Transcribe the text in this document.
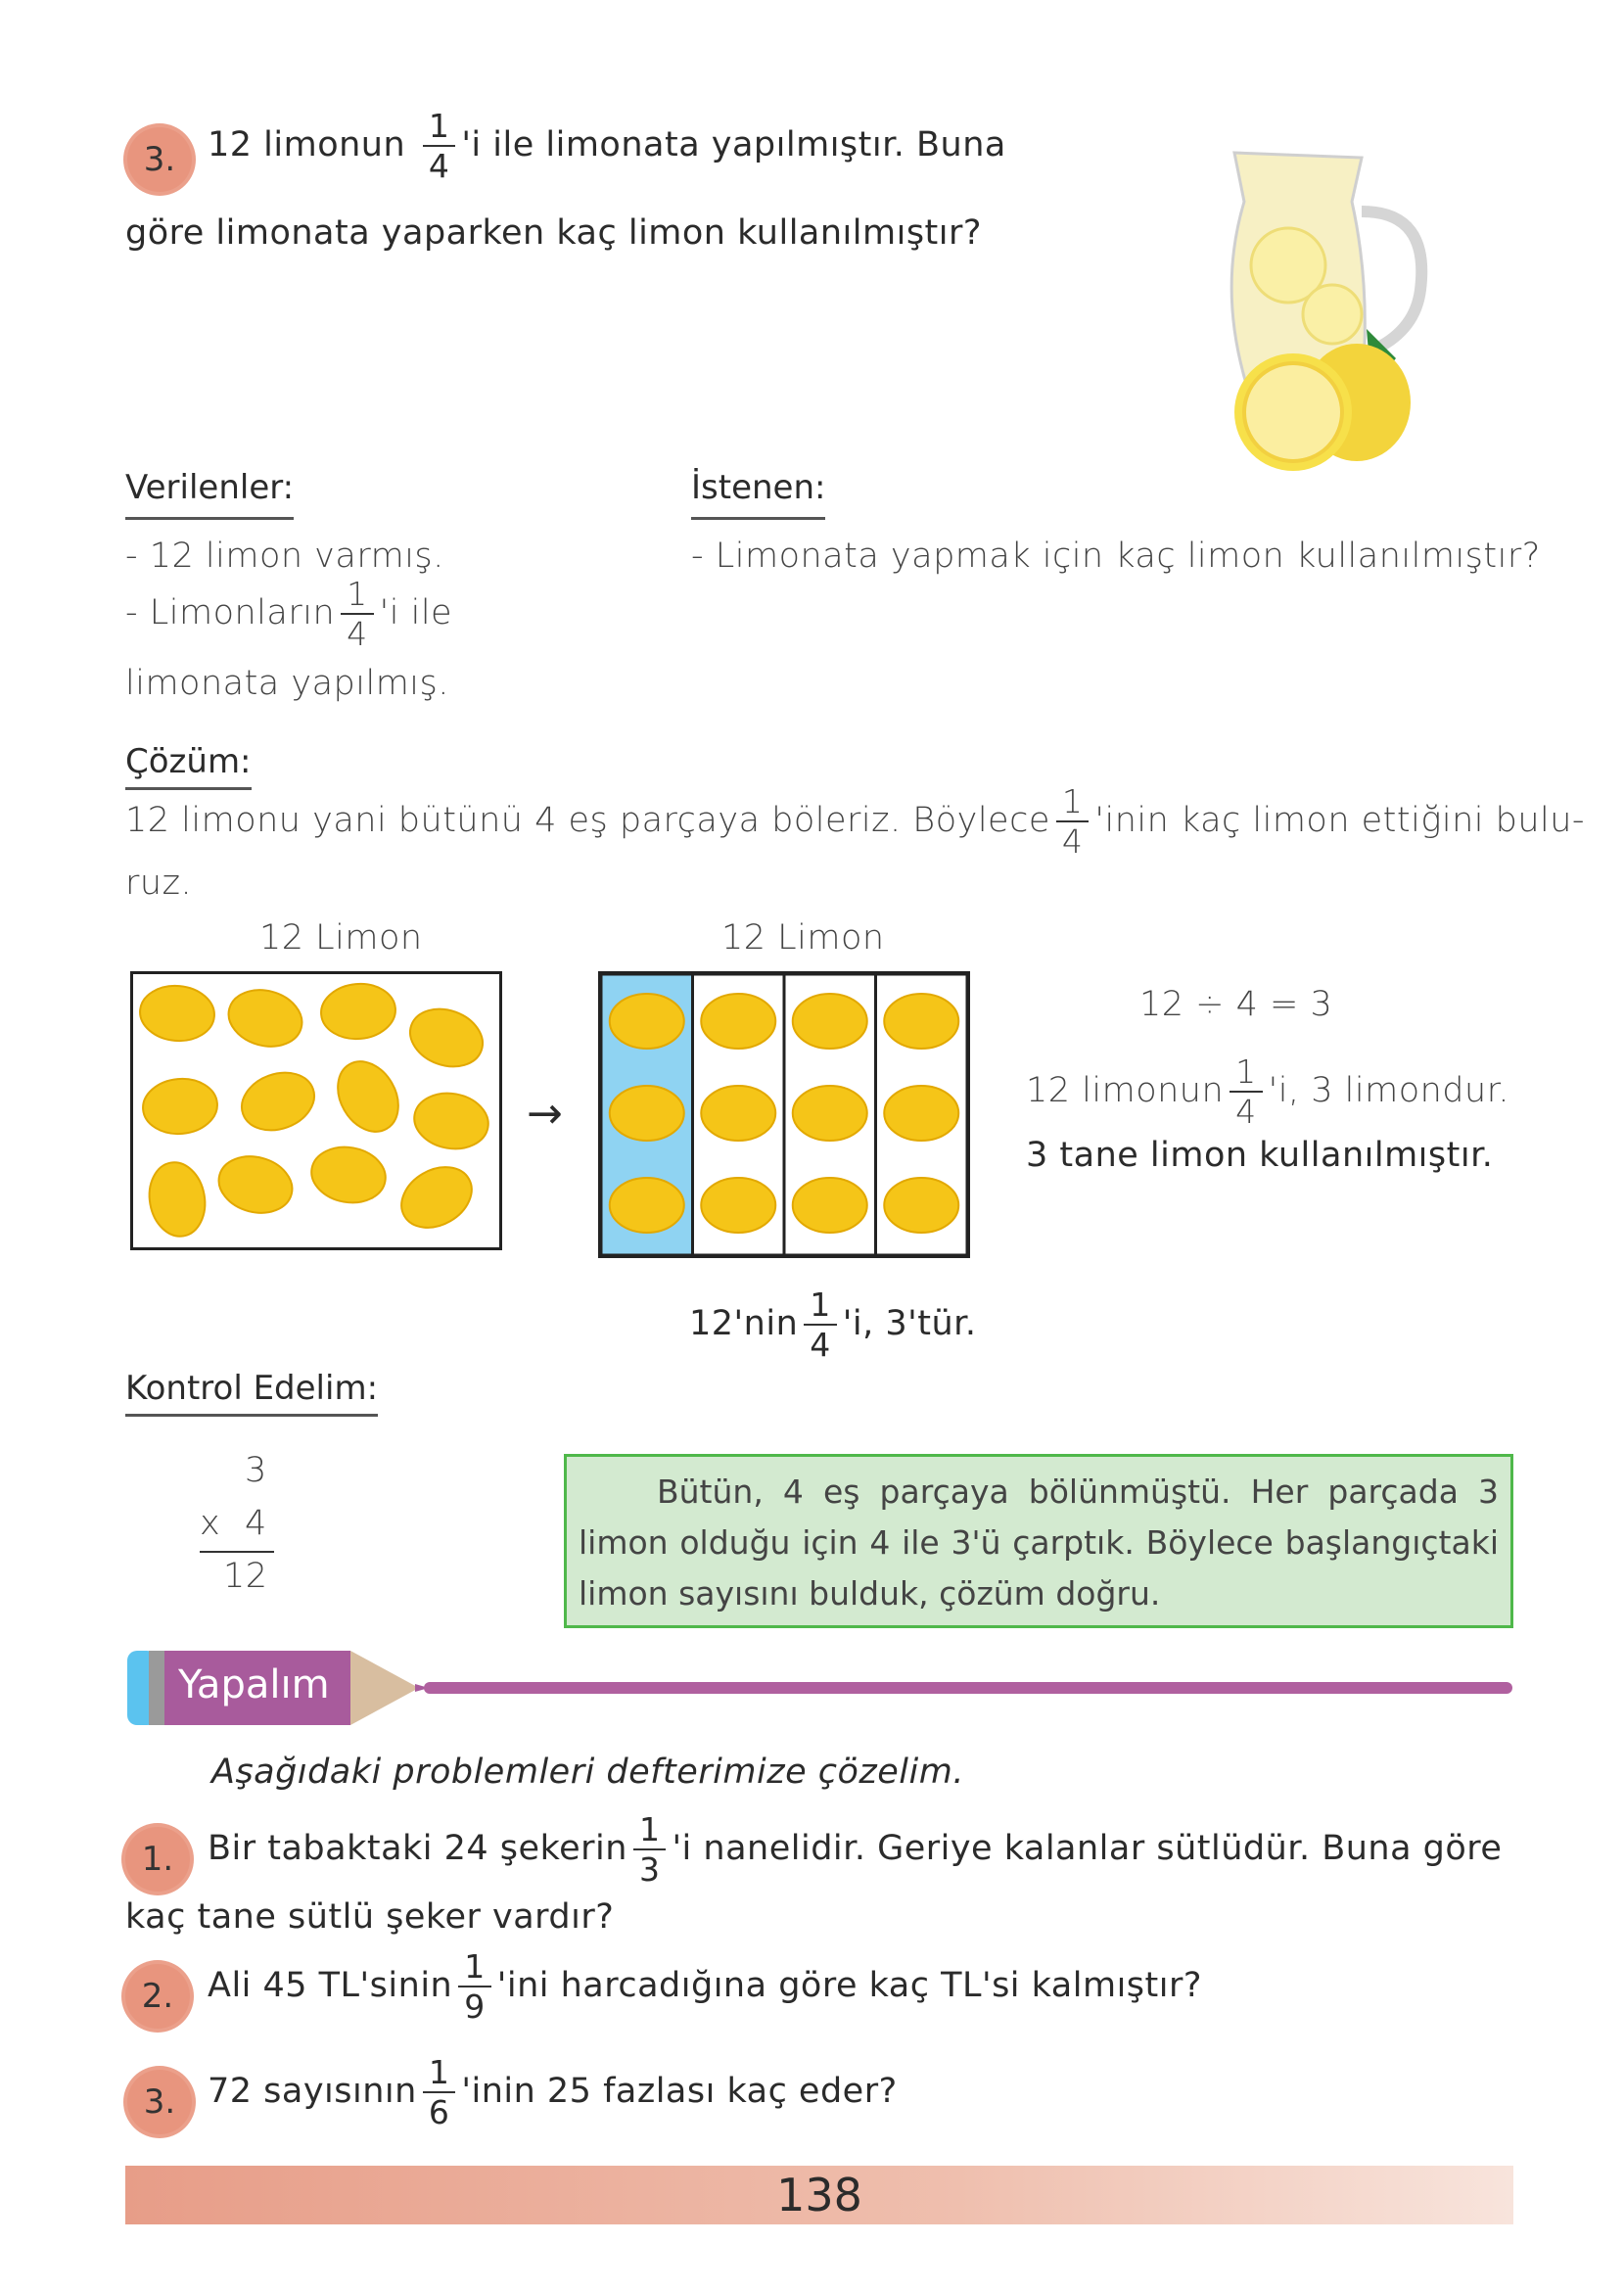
3. 12 limonun $\frac{1}{4}$ 'i ile limonata yapılmıştır. Buna
göre limonata yaparken kaç limon kullanılmıştır?
Verilenler:
- 12 limon varmış.
- Limonların $\frac{1}{4}$ 'i ile
limonata yapılmış.
İstenen:
- Limonata yapmak için kaç limon kullanılmıştır?
Çözüm:
12 limonu yani bütünü 4 eş parçaya böleriz. Böylece $\frac{1}{4}$ 'inin kaç limon ettiğini bulu-
ruz.
12 Limon	12 Limon
→
12 ÷ 4 = 3
12 limonun $\frac{1}{4}$ 'i, 3 limondur.
3 tane limon kullanılmıştır.
$12'nin \frac{1}{4}$ 'i, 3'tür.
Kontrol Edelim:
3
x 4
12
Bütün, 4 eş parçaya bölünmüştü. Her parçada 3 limon olduğu için 4 ile 3'ü çarptık. Böylece başlangıçtaki limon sayısını bulduk, çözüm doğru.
Yapalım
Aşağıdaki problemleri defterimize çözelim.
1. Bir tabaktaki 24 şekerin $\frac{1}{3}$ 'i nanelidir. Geriye kalanlar sütlüdür. Buna göre
kaç tane sütlü şeker vardır?
2. Ali 45 TL'sinin $\frac{1}{9}$ 'ini harcadığına göre kaç TL'si kalmıştır?
3. 72 sayısının $\frac{1}{6}$ 'inin 25 fazlası kaç eder?
138
